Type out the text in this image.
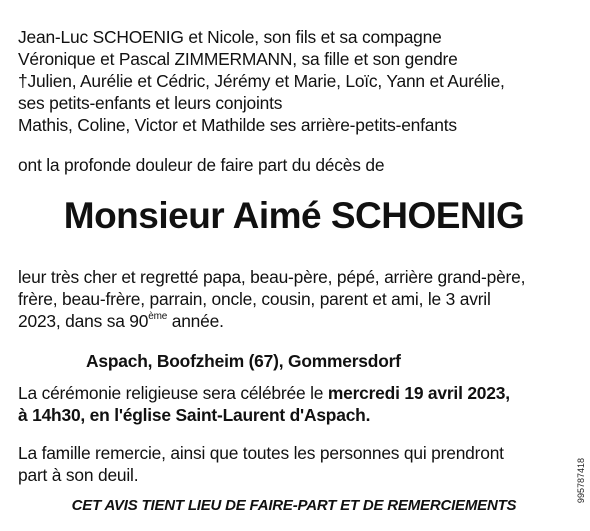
Jean-Luc SCHOENIG et Nicole, son fils et sa compagne
Véronique et Pascal ZIMMERMANN, sa fille et son gendre
†Julien, Aurélie et Cédric, Jérémy et Marie, Loïc, Yann et Aurélie,
ses petits-enfants et leurs conjoints
Mathis, Coline, Victor et Mathilde ses arrière-petits-enfants
ont la profonde douleur de faire part du décès de
Monsieur Aimé SCHOENIG
leur très cher et regretté papa, beau-père, pépé, arrière grand-père,
frère, beau-frère, parrain, oncle, cousin, parent et ami, le 3 avril
2023, dans sa 90ème année.
Aspach, Boofzheim (67), Gommersdorf
La cérémonie religieuse sera célébrée le mercredi 19 avril 2023,
à 14h30, en l'église Saint-Laurent d'Aspach.
La famille remercie, ainsi que toutes les personnes qui prendront
part à son deuil.
CET AVIS TIENT LIEU DE FAIRE-PART ET DE REMERCIEMENTS
995787418
